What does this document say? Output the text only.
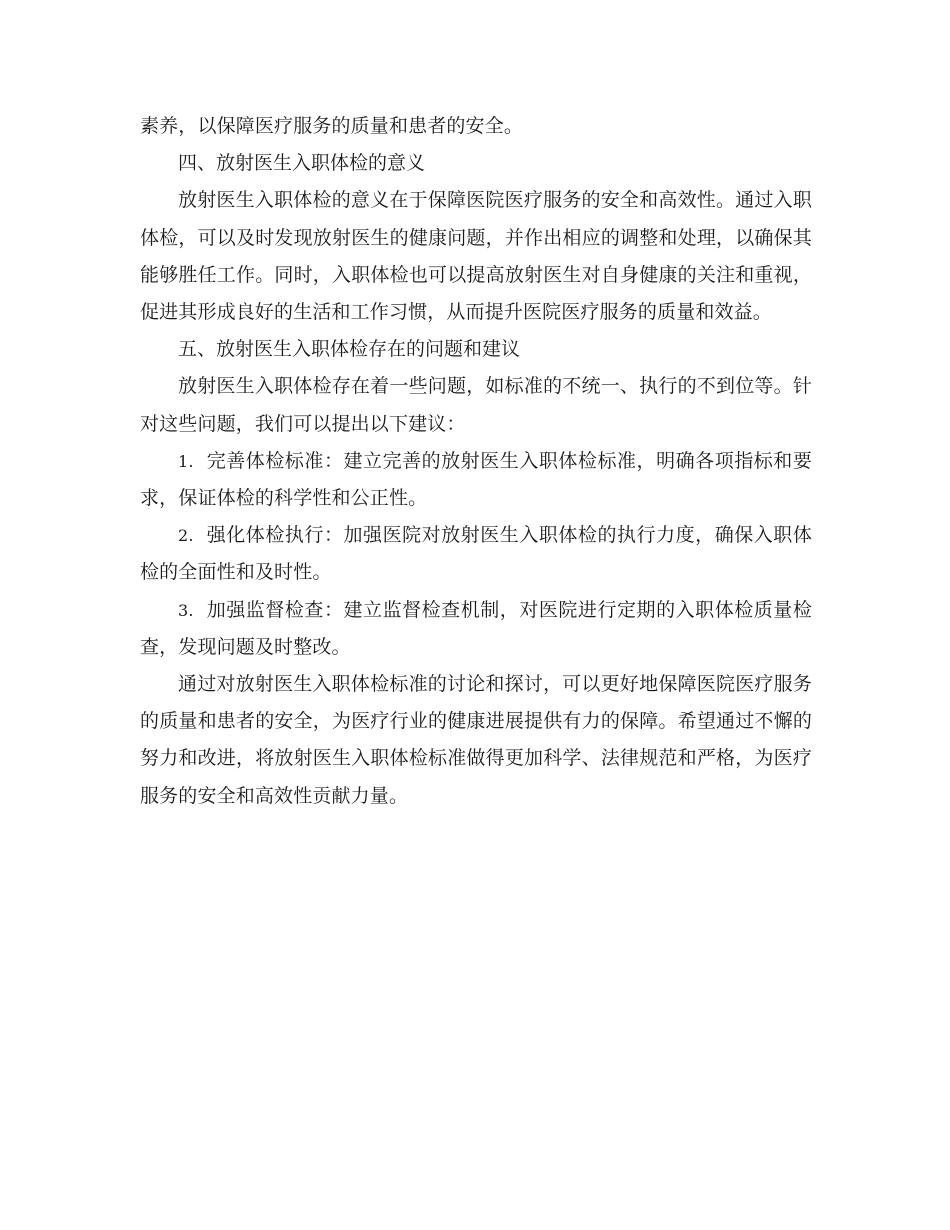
素养，以保障医疗服务的质量和患者的安全。

四、放射医生入职体检的意义

放射医生入职体检的意义在于保障医院医疗服务的安全和高效性。通过入职体检，可以及时发现放射医生的健康问题，并作出相应的调整和处理，以确保其能够胜任工作。同时，入职体检也可以提高放射医生对自身健康的关注和重视，促进其形成良好的生活和工作习惯，从而提升医院医疗服务的质量和效益。

五、放射医生入职体检存在的问题和建议

放射医生入职体检存在着一些问题，如标准的不统一、执行的不到位等。针对这些问题，我们可以提出以下建议：

1. 完善体检标准：建立完善的放射医生入职体检标准，明确各项指标和要求，保证体检的科学性和公正性。

2. 强化体检执行：加强医院对放射医生入职体检的执行力度，确保入职体检的全面性和及时性。

3. 加强监督检查：建立监督检查机制，对医院进行定期的入职体检质量检查，发现问题及时整改。

通过对放射医生入职体检标准的讨论和探讨，可以更好地保障医院医疗服务的质量和患者的安全，为医疗行业的健康进展提供有力的保障。希望通过不懈的努力和改进，将放射医生入职体检标准做得更加科学、法律规范和严格，为医疗服务的安全和高效性贡献力量。
